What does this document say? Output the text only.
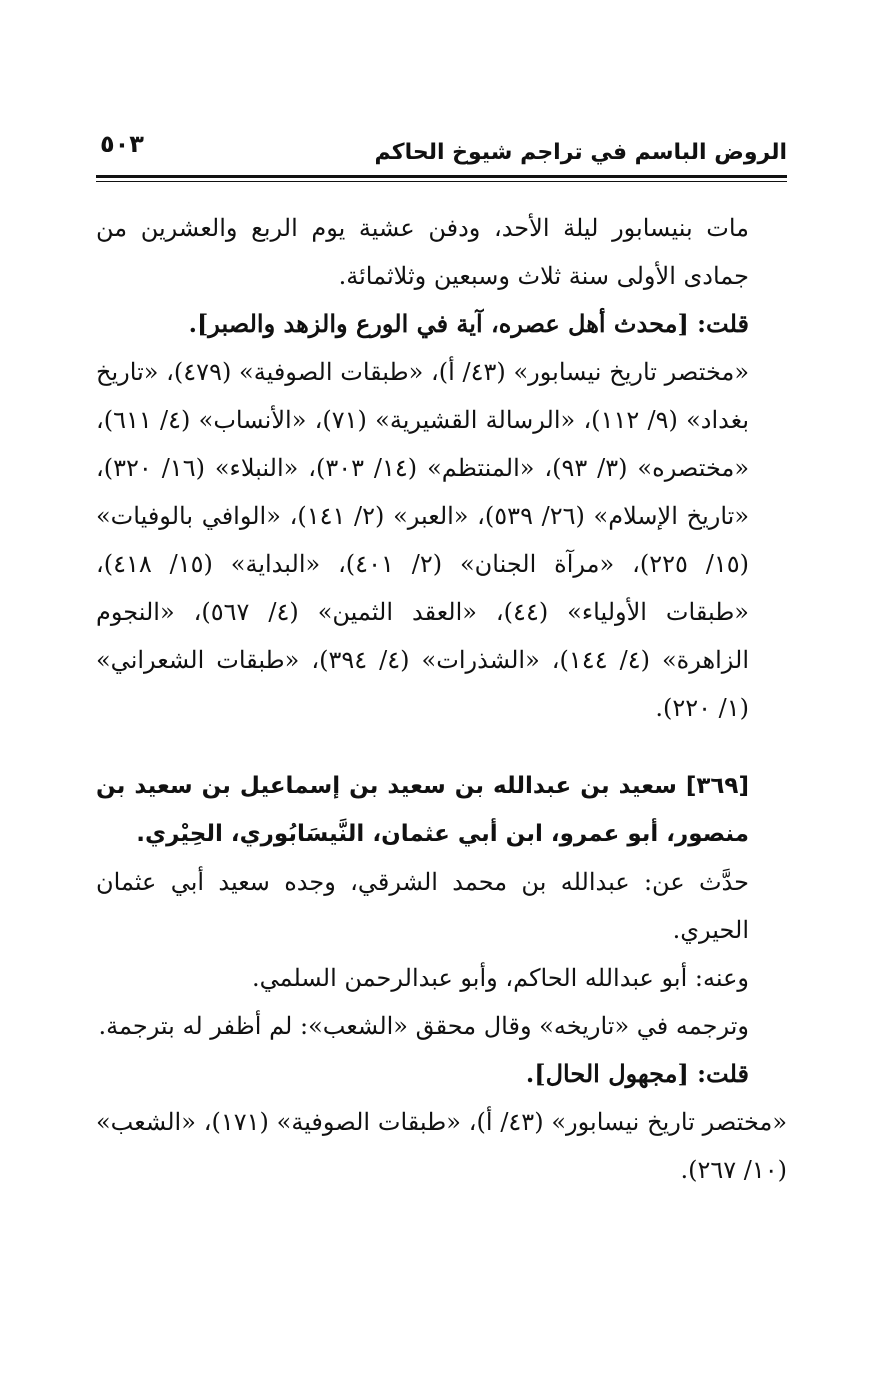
الروض الباسم في تراجم شيوخ الحاكم
٥٠٣

مات بنيسابور ليلة الأحد، ودفن عشية يوم الربع والعشرين من جمادى الأولى سنة ثلاث وسبعين وثلاثمائة.

قلت: [محدث أهل عصره، آية في الورع والزهد والصبر].

«مختصر تاريخ نيسابور» (٤٣/ أ)، «طبقات الصوفية» (٤٧٩)، «تاريخ بغداد» (٩/ ١١٢)، «الرسالة القشيرية» (٧١)، «الأنساب» (٤/ ٦١١)، «مختصره» (٣/ ٩٣)، «المنتظم» (١٤/ ٣٠٣)، «النبلاء» (١٦/ ٣٢٠)، «تاريخ الإسلام» (٢٦/ ٥٣٩)، «العبر» (٢/ ١٤١)، «الوافي بالوفيات» (١٥/ ٢٢٥)، «مرآة الجنان» (٢/ ٤٠١)، «البداية» (١٥/ ٤١٨)، «طبقات الأولياء» (٤٤)، «العقد الثمين» (٤/ ٥٦٧)، «النجوم الزاهرة» (٤/ ١٤٤)، «الشذرات» (٤/ ٣٩٤)، «طبقات الشعراني» (١/ ٢٢٠).

[٣٦٩] سعيد بن عبدالله بن سعيد بن إسماعيل بن سعيد بن منصور، أبو عمرو، ابن أبي عثمان، النَّيسَابُوري، الحِيْري.

حدَّث عن: عبدالله بن محمد الشرقي، وجده سعيد أبي عثمان الحيري.

وعنه: أبو عبدالله الحاكم، وأبو عبدالرحمن السلمي.

وترجمه في «تاريخه» وقال محقق «الشعب»: لم أظفر له بترجمة.

قلت: [مجهول الحال].

«مختصر تاريخ نيسابور» (٤٣/ أ)، «طبقات الصوفية» (١٧١)، «الشعب» (١٠/ ٢٦٧).
